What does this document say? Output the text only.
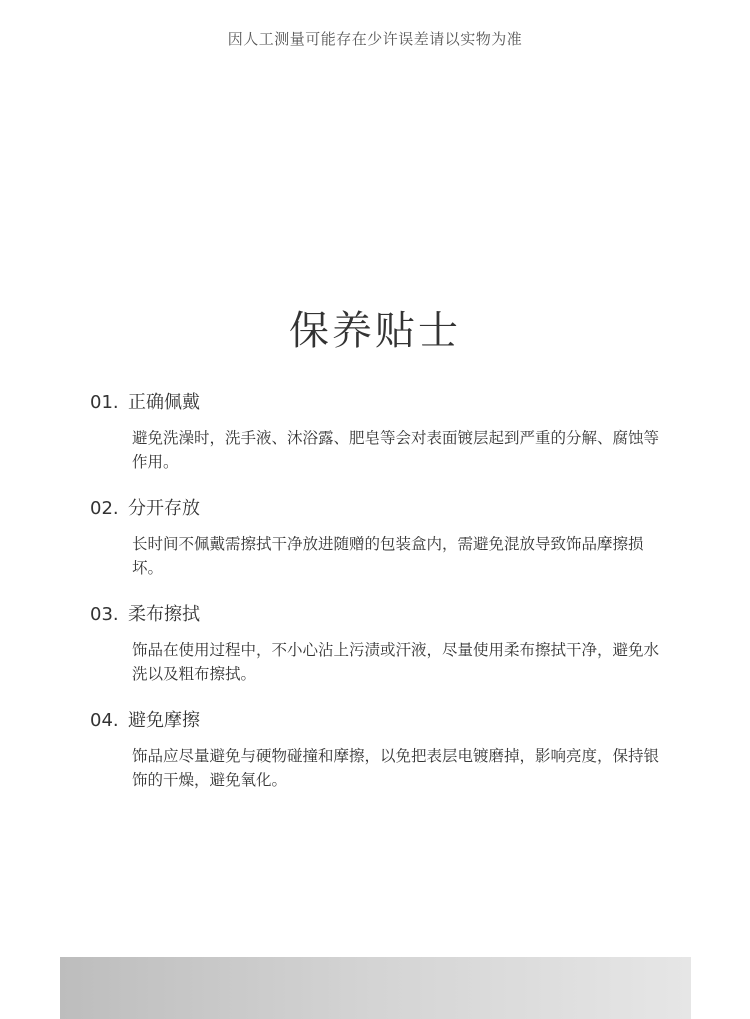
因人工测量可能存在少许误差请以实物为准
保养贴士
01. 正确佩戴
避免洗澡时，洗手液、沐浴露、肥皂等会对表面镀层起到严重的分解、腐蚀等作用。
02. 分开存放
长时间不佩戴需擦拭干净放进随赠的包装盒内，需避免混放导致饰品摩擦损坏。
03. 柔布擦拭
饰品在使用过程中，不小心沾上污渍或汗液，尽量使用柔布擦拭干净，避免水洗以及粗布擦拭。
04. 避免摩擦
饰品应尽量避免与硬物碰撞和摩擦，以免把表层电镀磨掉，影响亮度，保持银饰的干燥，避免氧化。
